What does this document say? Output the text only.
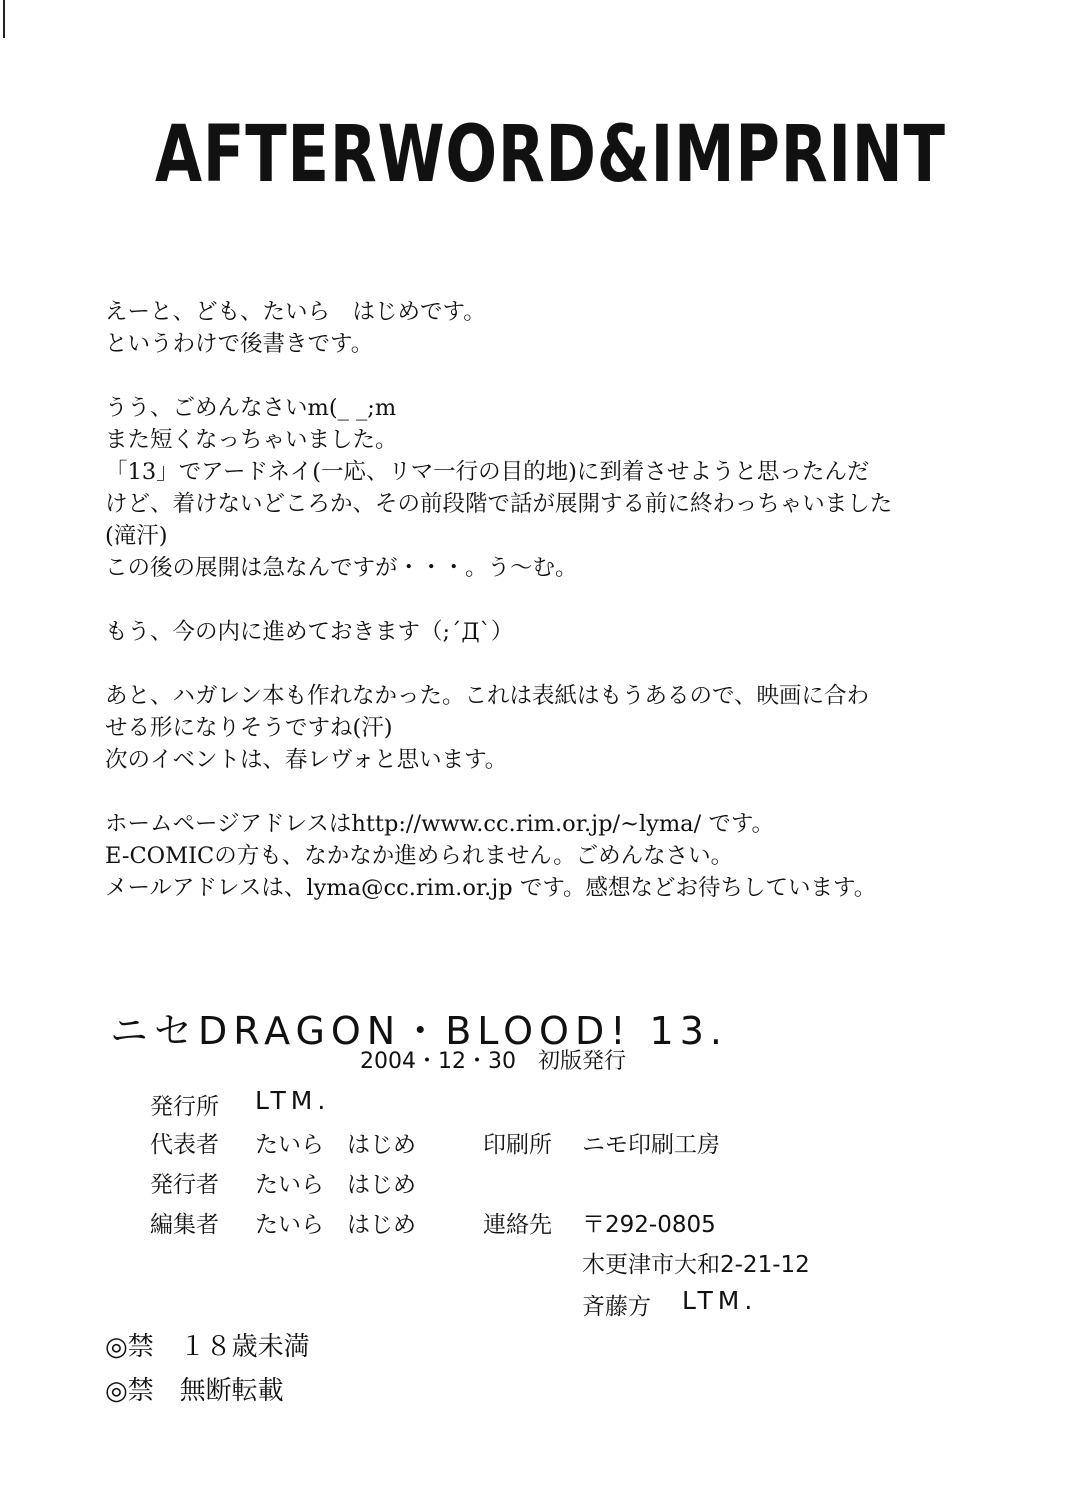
AFTERWORD&IMPRINT
えーと、ども、たいら　はじめです。
というわけで後書きです。
うう、ごめんなさいm(_ _;m
また短くなっちゃいました。
「13」でアードネイ(一応、リマ一行の目的地)に到着させようと思ったんだ
けど、着けないどころか、その前段階で話が展開する前に終わっちゃいました
(滝汗)
この後の展開は急なんですが・・・。う～む。
もう、今の内に進めておきます（;´Д`）
あと、ハガレン本も作れなかった。これは表紙はもうあるので、映画に合わ
せる形になりそうですね(汗)
次のイベントは、春レヴォと思います。
ホームページアドレスはhttp://www.cc.rim.or.jp/~lyma/ です。
E-COMICの方も、なかなか進められません。ごめんなさい。
メールアドレスは、lyma@cc.rim.or.jp です。感想などお待ちしています。
ニセDRAGON・BLOOD! 13.
2004・12・30　初版発行
発行所 LTM.
代表者 たいら　はじめ	印刷所 ニモ印刷工房
発行者 たいら　はじめ
編集者 たいら　はじめ	連絡先 〒292-0805
木更津市大和2-21-12
斉藤方 LTM.
◎禁　１８歳未満
◎禁　無断転載
